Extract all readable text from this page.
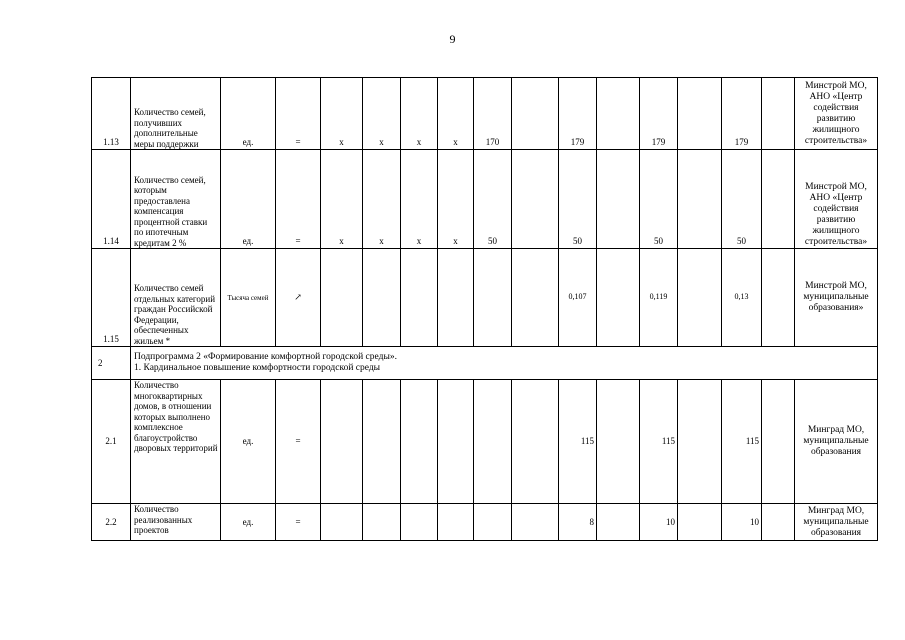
9
1.13	Количество семей, получивших дополнительные меры поддержки	ед.	=	х	х	х	х	170		179		179		179		Минстрой МО, АНО «Центр содействия развитию жилищного строительства»
1.14	Количество семей, которым предоставлена компенсация процентной ставки по ипотечным кредитам 2 %	ед.	=	х	х	х	х	50		50		50		50		Минстрой МО, АНО «Центр содействия развитию жилищного строительства»
1.15	Количество семей отдельных категорий граждан Российской Федерации, обеспеченных жильем *	Тысяча семей	↗							0,107		0,119		0,13		Минстрой МО, муниципальные образования»
2	Подпрограмма 2 «Формирование комфортной городской среды».
1. Кардинальное повышение комфортности городской среды															

2.1	Количество многоквартирных домов, в отношении которых выполнено комплексное благоустройство дворовых территорий	ед.	=							115		115		115		Минград МО, муниципальные образования
2.2	Количество реализованных проектов	ед.	=							8		10		10		Минград МО, муниципальные образования
